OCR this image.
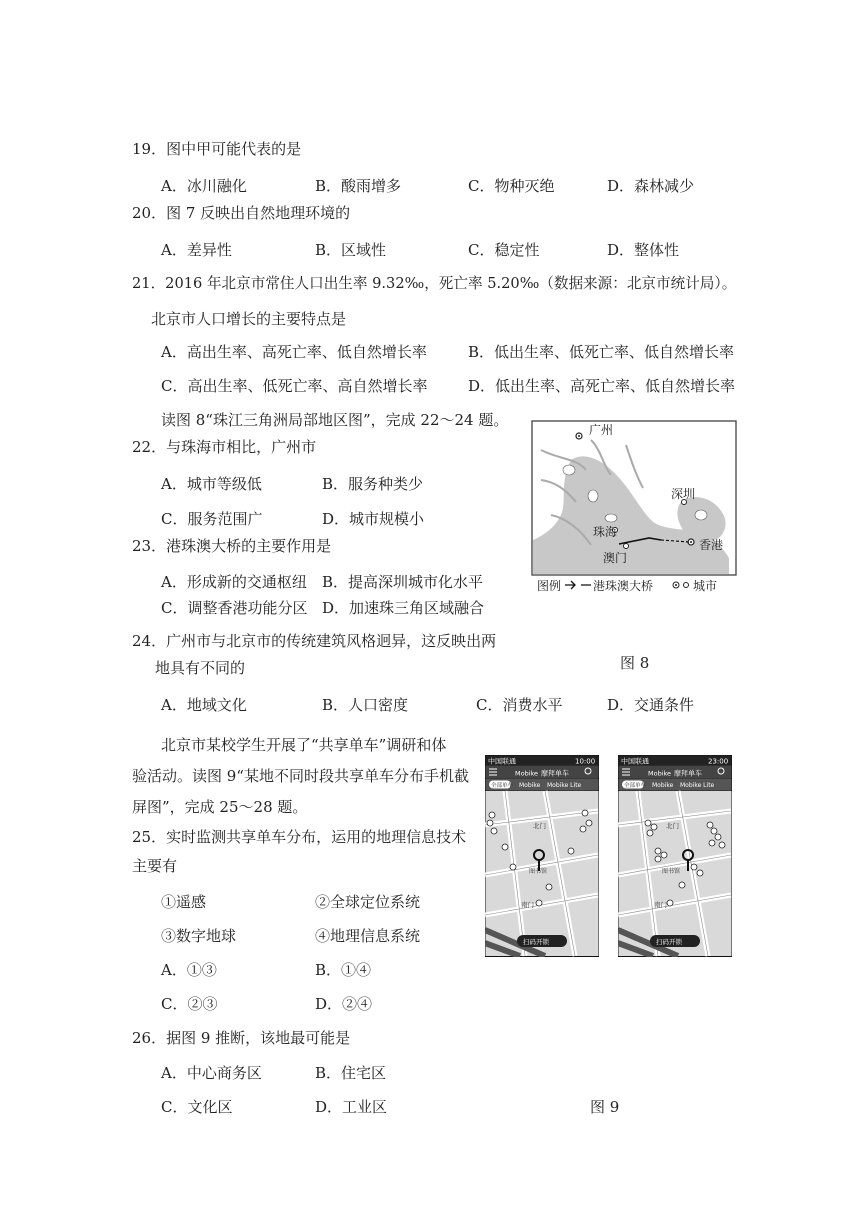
19．图中甲可能代表的是
A．冰川融化	B．酸雨增多	C．物种灭绝	D．森林减少
20．图 7 反映出自然地理环境的
A．差异性	B．区域性	C．稳定性	D．整体性
21．2016 年北京市常住人口出生率 9.32‰，死亡率 5.20‰（数据来源：北京市统计局）。
北京市人口增长的主要特点是
A．高出生率、高死亡率、低自然增长率	B．低出生率、低死亡率、低自然增长率
C．高出生率、低死亡率、高自然增长率	D．低出生率、高死亡率、低自然增长率
读图 8“珠江三角洲局部地区图”，完成 22～24 题。
22．与珠海市相比，广州市
A．城市等级低	B．服务种类少
C．服务范围广	D．城市规模小
23．港珠澳大桥的主要作用是
A．形成新的交通枢纽 B．提高深圳城市化水平
C．调整香港功能分区 D．加速珠三角区域融合
24．广州市与北京市的传统建筑风格迥异，这反映出两
地具有不同的
A．地域文化	B．人口密度	C．消费水平	D．交通条件
广州
深圳
珠海
澳门
香港
图例	港珠澳大桥	城市
图 8
北京市某校学生开展了“共享单车”调研和体
验活动。读图 9“某地不同时段共享单车分布手机截
屏图”，完成 25～28 题。
25．实时监测共享单车分布，运用的地理信息技术
主要有
①遥感	②全球定位系统
③数字地球	④地理信息系统
A．①③	B．①④
C．②③	D．②④
26．据图 9 推断，该地最可能是
A．中心商务区	B．住宅区
C．文化区	D．工业区
中国联通	10:00
Mobike 摩拜单车
全部单车 Mobike Mobike Lite
北门
南门
图书馆
扫码开锁
中国联通	23:00
Mobike 摩拜单车
全部单车 Mobike Mobike Lite
北门
南门
图书馆
扫码开锁
图 9
